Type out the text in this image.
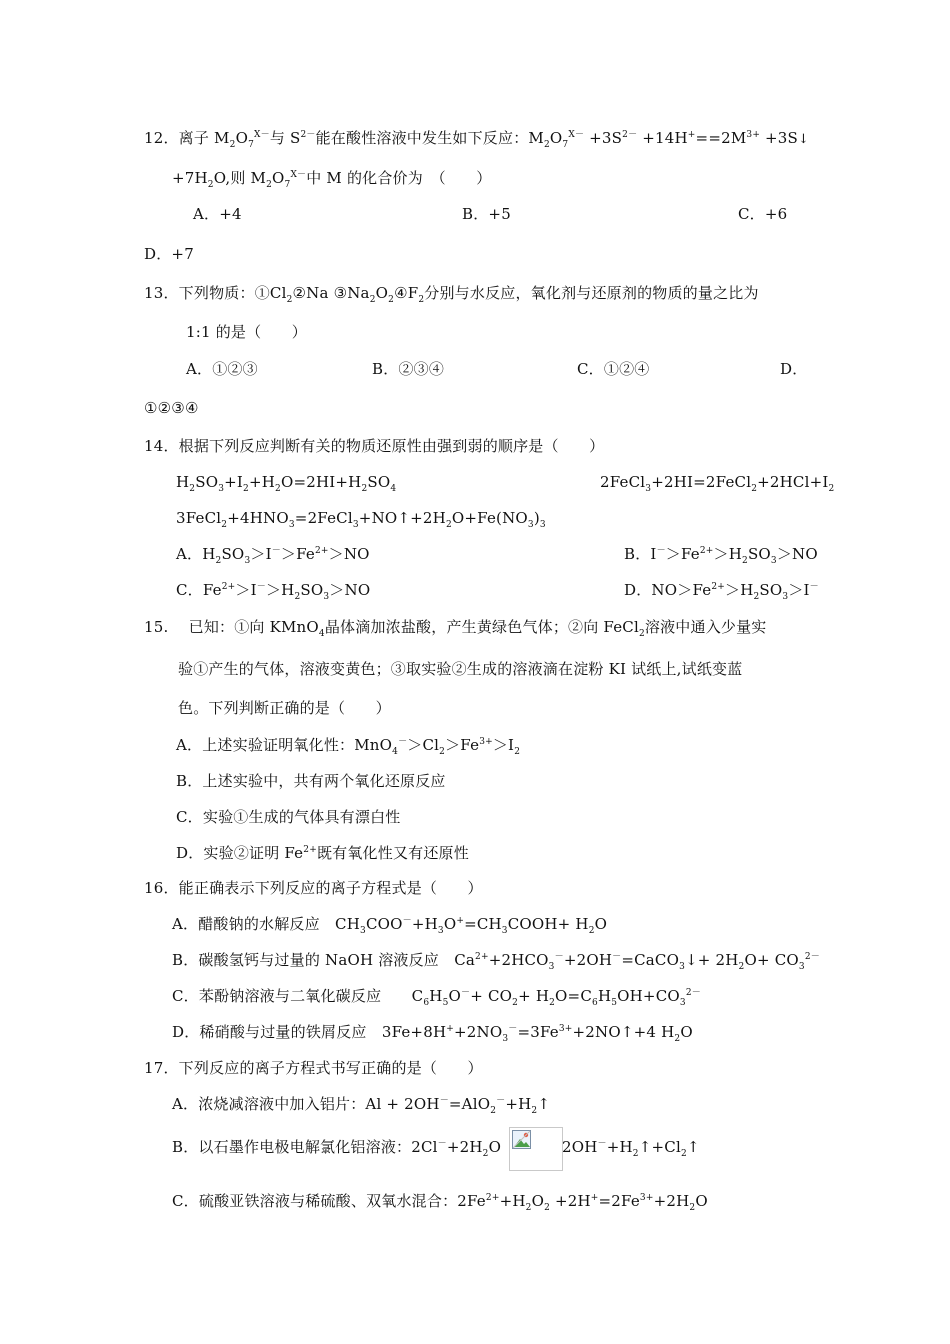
12．离子 $M_2O_7^{X-}$与 $S^{2-}$能在酸性溶液中发生如下反应：$M_2O_7^{X-} +3S^{2-} +14H^+==2M^{3+}$ +3S↓
$+7H_2O$,则 $M_2O_7^{X-}$中 M 的化合价为　（　　）
A．+4	B．+5	C．+6
D．+7
13．下列物质：$①Cl_2②Na$ $③Na_2O_2④F_2$分别与水反应，氧化剂与还原剂的物质的量之比为
1:1 的是（　　）
A．①②③	B．②③④	C．①②④	D．
①②③④
14．根据下列反应判断有关的物质还原性由强到弱的顺序是（　　）
$H_2SO_3+I_2+H_2O=2HI+H_2SO_4$	$2FeCl_3+2HI=2FeCl_2+2HCl+I_2$
$3FeCl_2+4HNO_3=2FeCl_3+NO↑+2H_2O+Fe(NO_3)_3$
A．$H_2SO_3>I^->Fe^{2+}>NO$	B．$I^->Fe^{2+}>H_2SO_3>NO$
C．$Fe^{2+}>I^->H_2SO_3>NO$	D．$NO>Fe^{2+}>H_2SO_3>I^-$
15.　 已知：①向 KMnO$_4$晶体滴加浓盐酸，产生黄绿色气体；②向 FeCl$_2$溶液中通入少量实
验①产生的气体，溶液变黄色；③取实验②生成的溶液滴在淀粉 KI 试纸上,试纸变蓝
色。下列判断正确的是（　　）
A．上述实验证明氧化性：$MnO_4^->Cl_2>Fe^{3+}>I_2$
B．上述实验中，共有两个氧化还原反应
C．实验①生成的气体具有漂白性
D．实验②证明 $Fe^{2+}$既有氧化性又有还原性
16．能正确表示下列反应的离子方程式是（　　）
A．醋酸钠的水解反应　$CH_3COO^-+H_3O^+=CH_3COOH+ H_2O$
B．碳酸氢钙与过量的 NaOH 溶液反应　$Ca^{2+}+2HCO_3^-+2OH^-=CaCO_3↓+ 2H_2O+ CO_3^{2-}$
C．苯酚钠溶液与二氧化碳反应　　$C_6H_5O^-+ CO_2+ H_2O=C_6H_5OH+CO_3^{2-}$
D．稀硝酸与过量的铁屑反应　$3Fe+8H^++2NO_3^-=3Fe^{3+}+2NO↑+4$ $H_2O$
17．下列反应的离子方程式书写正确的是（　　）
A．浓烧减溶液中加入铝片：$Al + 2OH^-=AlO_2^-+H_2↑$
B．以石墨作电极电解氯化铝溶液：$2Cl^-+2H_2O$	$2OH^-+H_2↑+Cl_2↑$
C．硫酸亚铁溶液与稀硫酸、双氧水混合：$2Fe^{2+}+H_2O_2 +2H^+=2Fe^{3+}+2H_2O$
